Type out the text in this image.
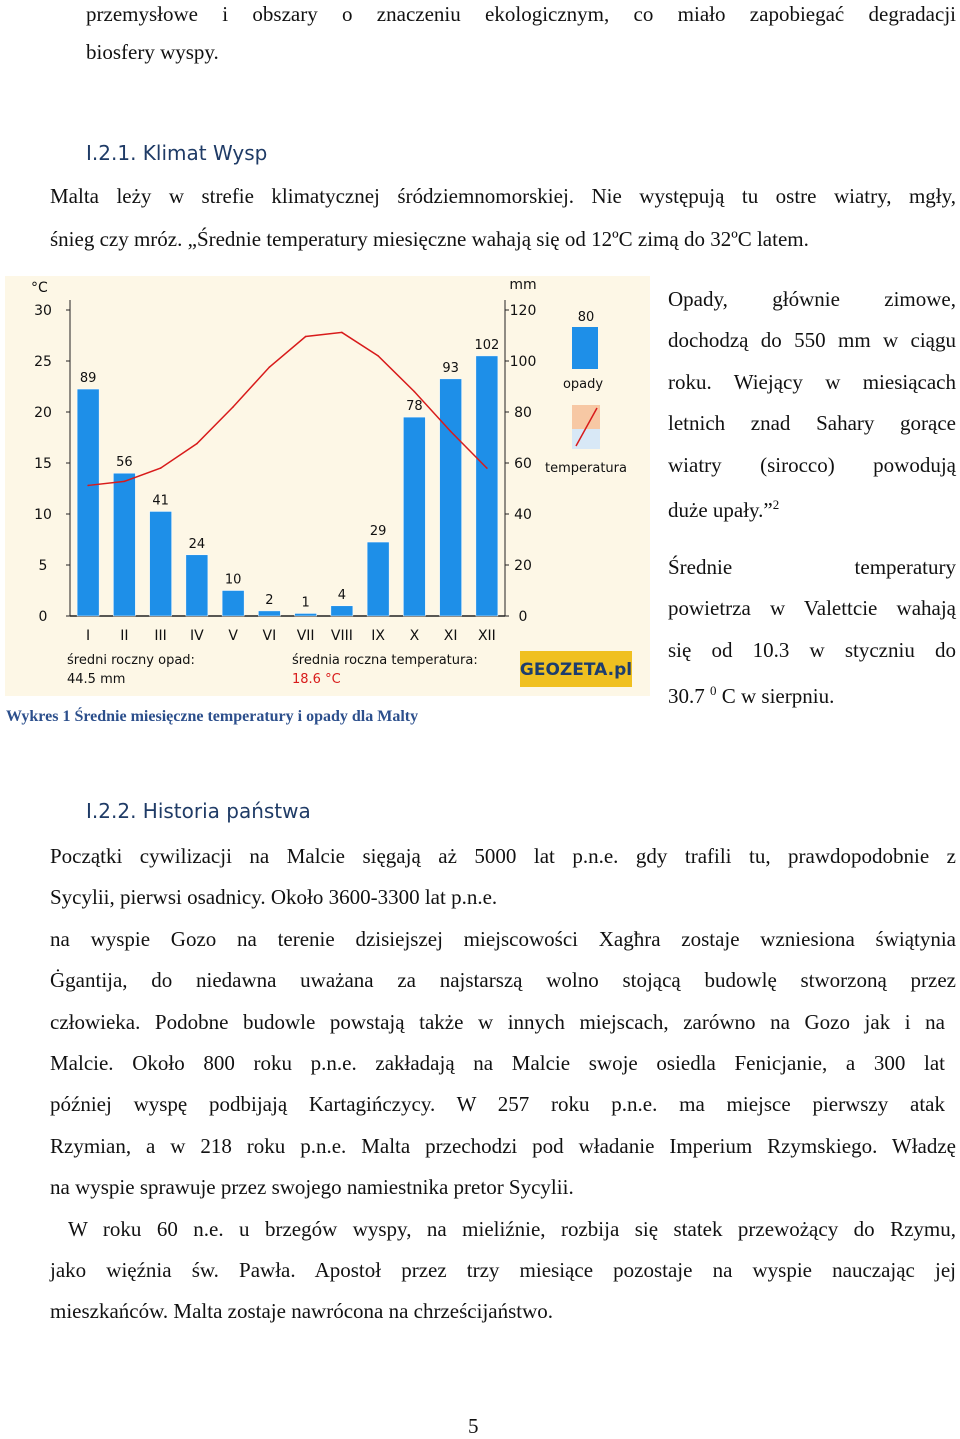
przemysłowe i obszary o znaczeniu ekologicznym, co miało zapobiegać degradacji
biosfery wyspy.
I.2.1. Klimat Wysp
Malta leży w strefie klimatycznej śródziemnomorskiej. Nie występują tu ostre wiatry, mgły,
śnieg czy mróz. „Średnie temperatury miesięczne wahają się od 12ºC zimą do 32ºC latem.
°C
0
5
10
15
20
25
30
mm
0
20
40
60
80
100
120
89
I
56
II
41
III
24
IV
10
V
2
VI
1
VII
4
VIII
29
IX
78
X
93
XI
102
XII
80
opady
temperatura
średni roczny opad:
44.5 mm
średnia roczna temperatura:
18.6 °C	GEOZETA.pl
Opady, głównie zimowe,
dochodzą do 550 mm w ciągu
roku. Wiejący w miesiącach
letnich znad Sahary gorące
wiatry (sirocco) powodują
duże upały.”$^2$
Średnie temperatury
powietrza w Valettcie wahają
się od 10.3 w styczniu do
30.7 $^0$ C w sierpniu.
Wykres 1 Średnie miesięczne temperatury i opady dla Malty
I.2.2. Historia państwa
Początki cywilizacji na Malcie sięgają aż 5000 lat p.n.e. gdy trafili tu, prawdopodobnie z
Sycylii, pierwsi osadnicy. Około 3600-3300 lat p.n.e.
na wyspie Gozo na terenie dzisiejszej miejscowości Xagħra zostaje wzniesiona świątynia
Ġgantija, do niedawna uważana za najstarszą wolno stojącą budowlę stworzoną przez
człowieka. Podobne budowle powstają także w innych miejscach, zarówno na Gozo jak i na
Malcie. Około 800 roku p.n.e. zakładają na Malcie swoje osiedla Fenicjanie, a 300 lat
później wyspę podbijają Kartagińczycy. W 257 roku p.n.e. ma miejsce pierwszy atak
Rzymian, a w 218 roku p.n.e. Malta przechodzi pod władanie Imperium Rzymskiego. Władzę
na wyspie sprawuje przez swojego namiestnika pretor Sycylii.
W roku 60 n.e. u brzegów wyspy, na mieliźnie, rozbija się statek przewożący do Rzymu,
jako więźnia św. Pawła. Apostoł przez trzy miesiące pozostaje na wyspie nauczając jej
mieszkańców. Malta zostaje nawrócona na chrześcijaństwo.
5
